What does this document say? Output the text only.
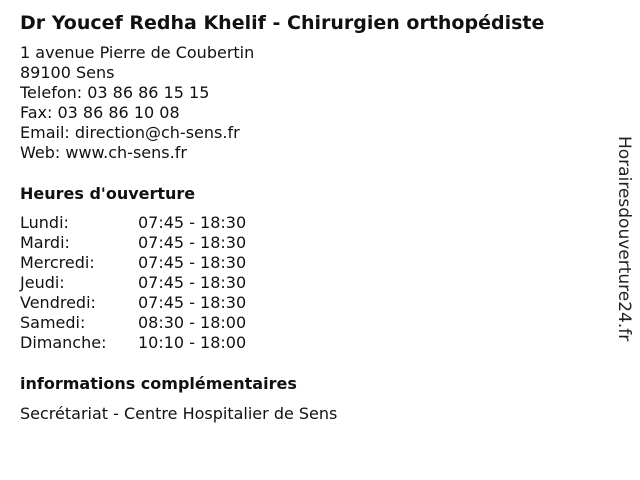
Dr Youcef Redha Khelif - Chirurgien orthopédiste
1 avenue Pierre de Coubertin
89100 Sens
Telefon: 03 86 86 15 15
Fax: 03 86 86 10 08
Email: direction@ch-sens.fr
Web: www.ch-sens.fr
Heures d'ouverture
Lundi:	07:45 - 18:30
Mardi:	07:45 - 18:30
Mercredi:	07:45 - 18:30
Jeudi:	07:45 - 18:30
Vendredi:	07:45 - 18:30
Samedi:	08:30 - 18:00
Dimanche: 10:10 - 18:00
informations complémentaires
Secrétariat - Centre Hospitalier de Sens
Horairesdouverture24.fr
